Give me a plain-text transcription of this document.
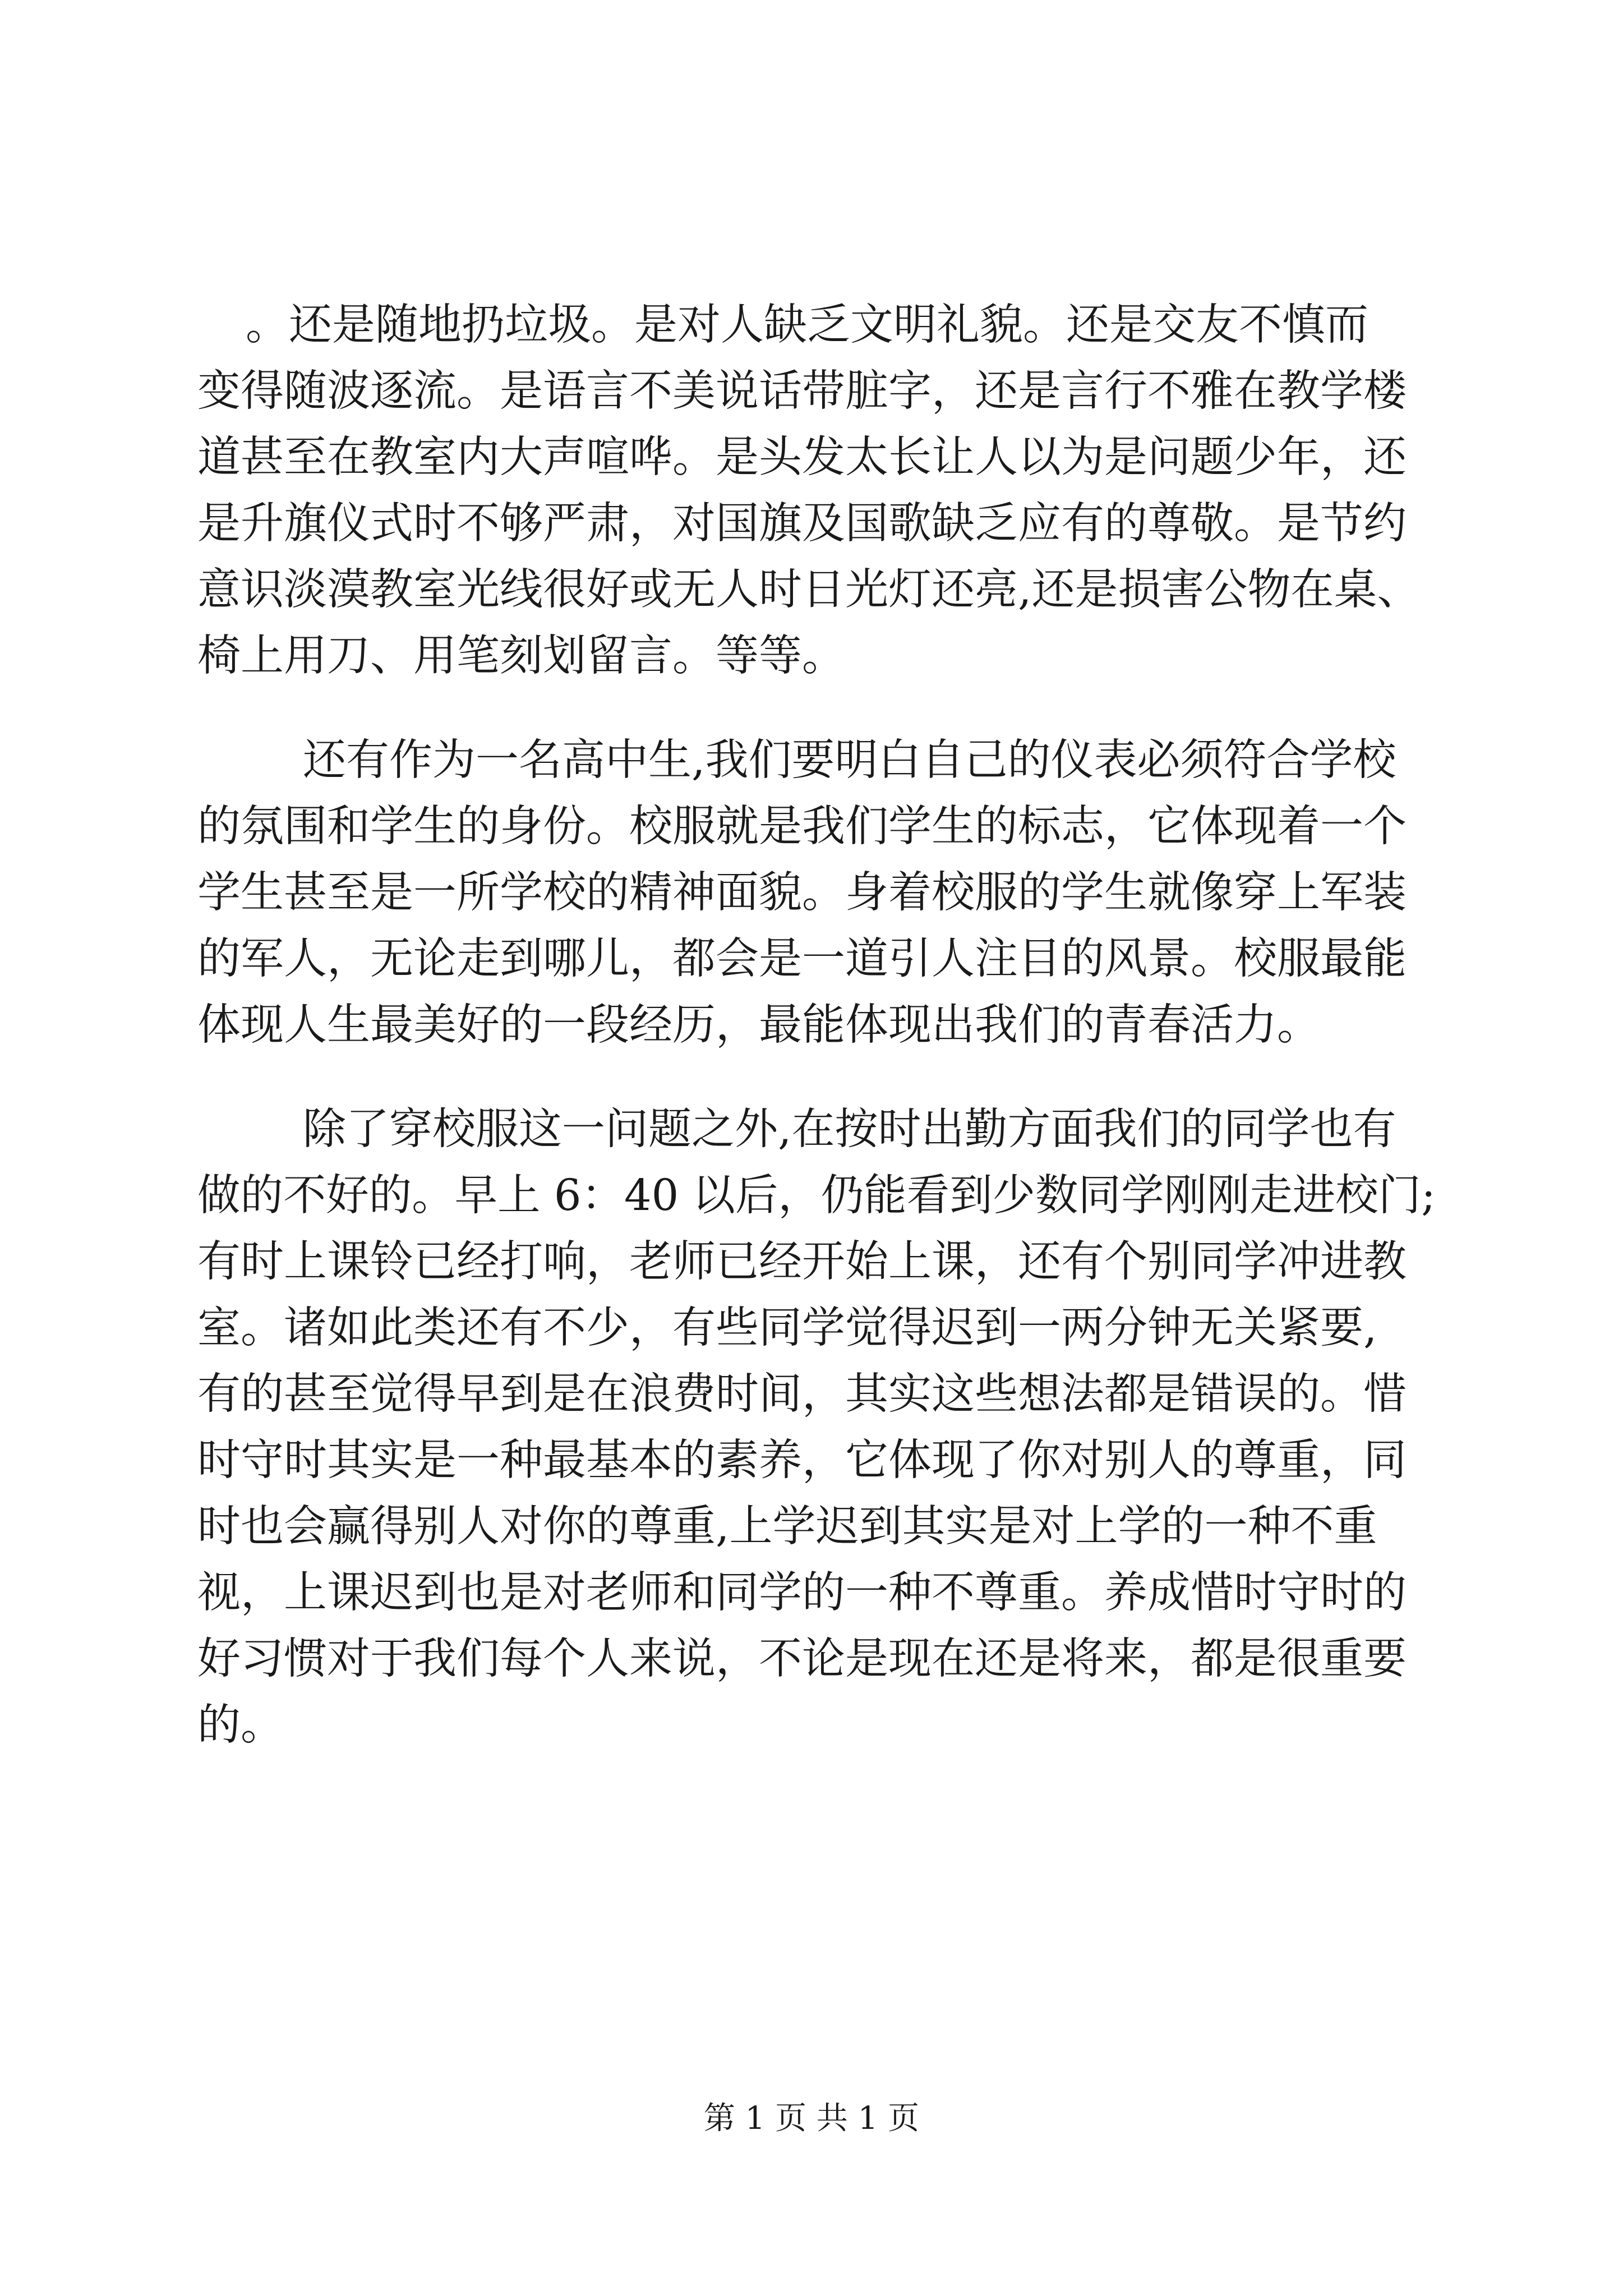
。还是随地扔垃圾。是对人缺乏文明礼貌。还是交友不慎而
变得随波逐流。是语言不美说话带脏字，还是言行不雅在教学楼
道甚至在教室内大声喧哗。是头发太长让人以为是问题少年，还
是升旗仪式时不够严肃，对国旗及国歌缺乏应有的尊敬。是节约
意识淡漠教室光线很好或无人时日光灯还亮,还是损害公物在桌、
椅上用刀、用笔刻划留言。等等。
还有作为一名高中生,我们要明白自己的仪表必须符合学校
的氛围和学生的身份。校服就是我们学生的标志，它体现着一个
学生甚至是一所学校的精神面貌。身着校服的学生就像穿上军装
的军人，无论走到哪儿，都会是一道引人注目的风景。校服最能
体现人生最美好的一段经历，最能体现出我们的青春活力。
除了穿校服这一问题之外,在按时出勤方面我们的同学也有
做的不好的。早上 6：40 以后，仍能看到少数同学刚刚走进校门;
有时上课铃已经打响，老师已经开始上课，还有个别同学冲进教
室。诸如此类还有不少，有些同学觉得迟到一两分钟无关紧要,
有的甚至觉得早到是在浪费时间，其实这些想法都是错误的。惜
时守时其实是一种最基本的素养，它体现了你对别人的尊重，同
时也会赢得别人对你的尊重,上学迟到其实是对上学的一种不重
视，上课迟到也是对老师和同学的一种不尊重。养成惜时守时的
好习惯对于我们每个人来说，不论是现在还是将来，都是很重要
的。
第 1 页 共 1 页
